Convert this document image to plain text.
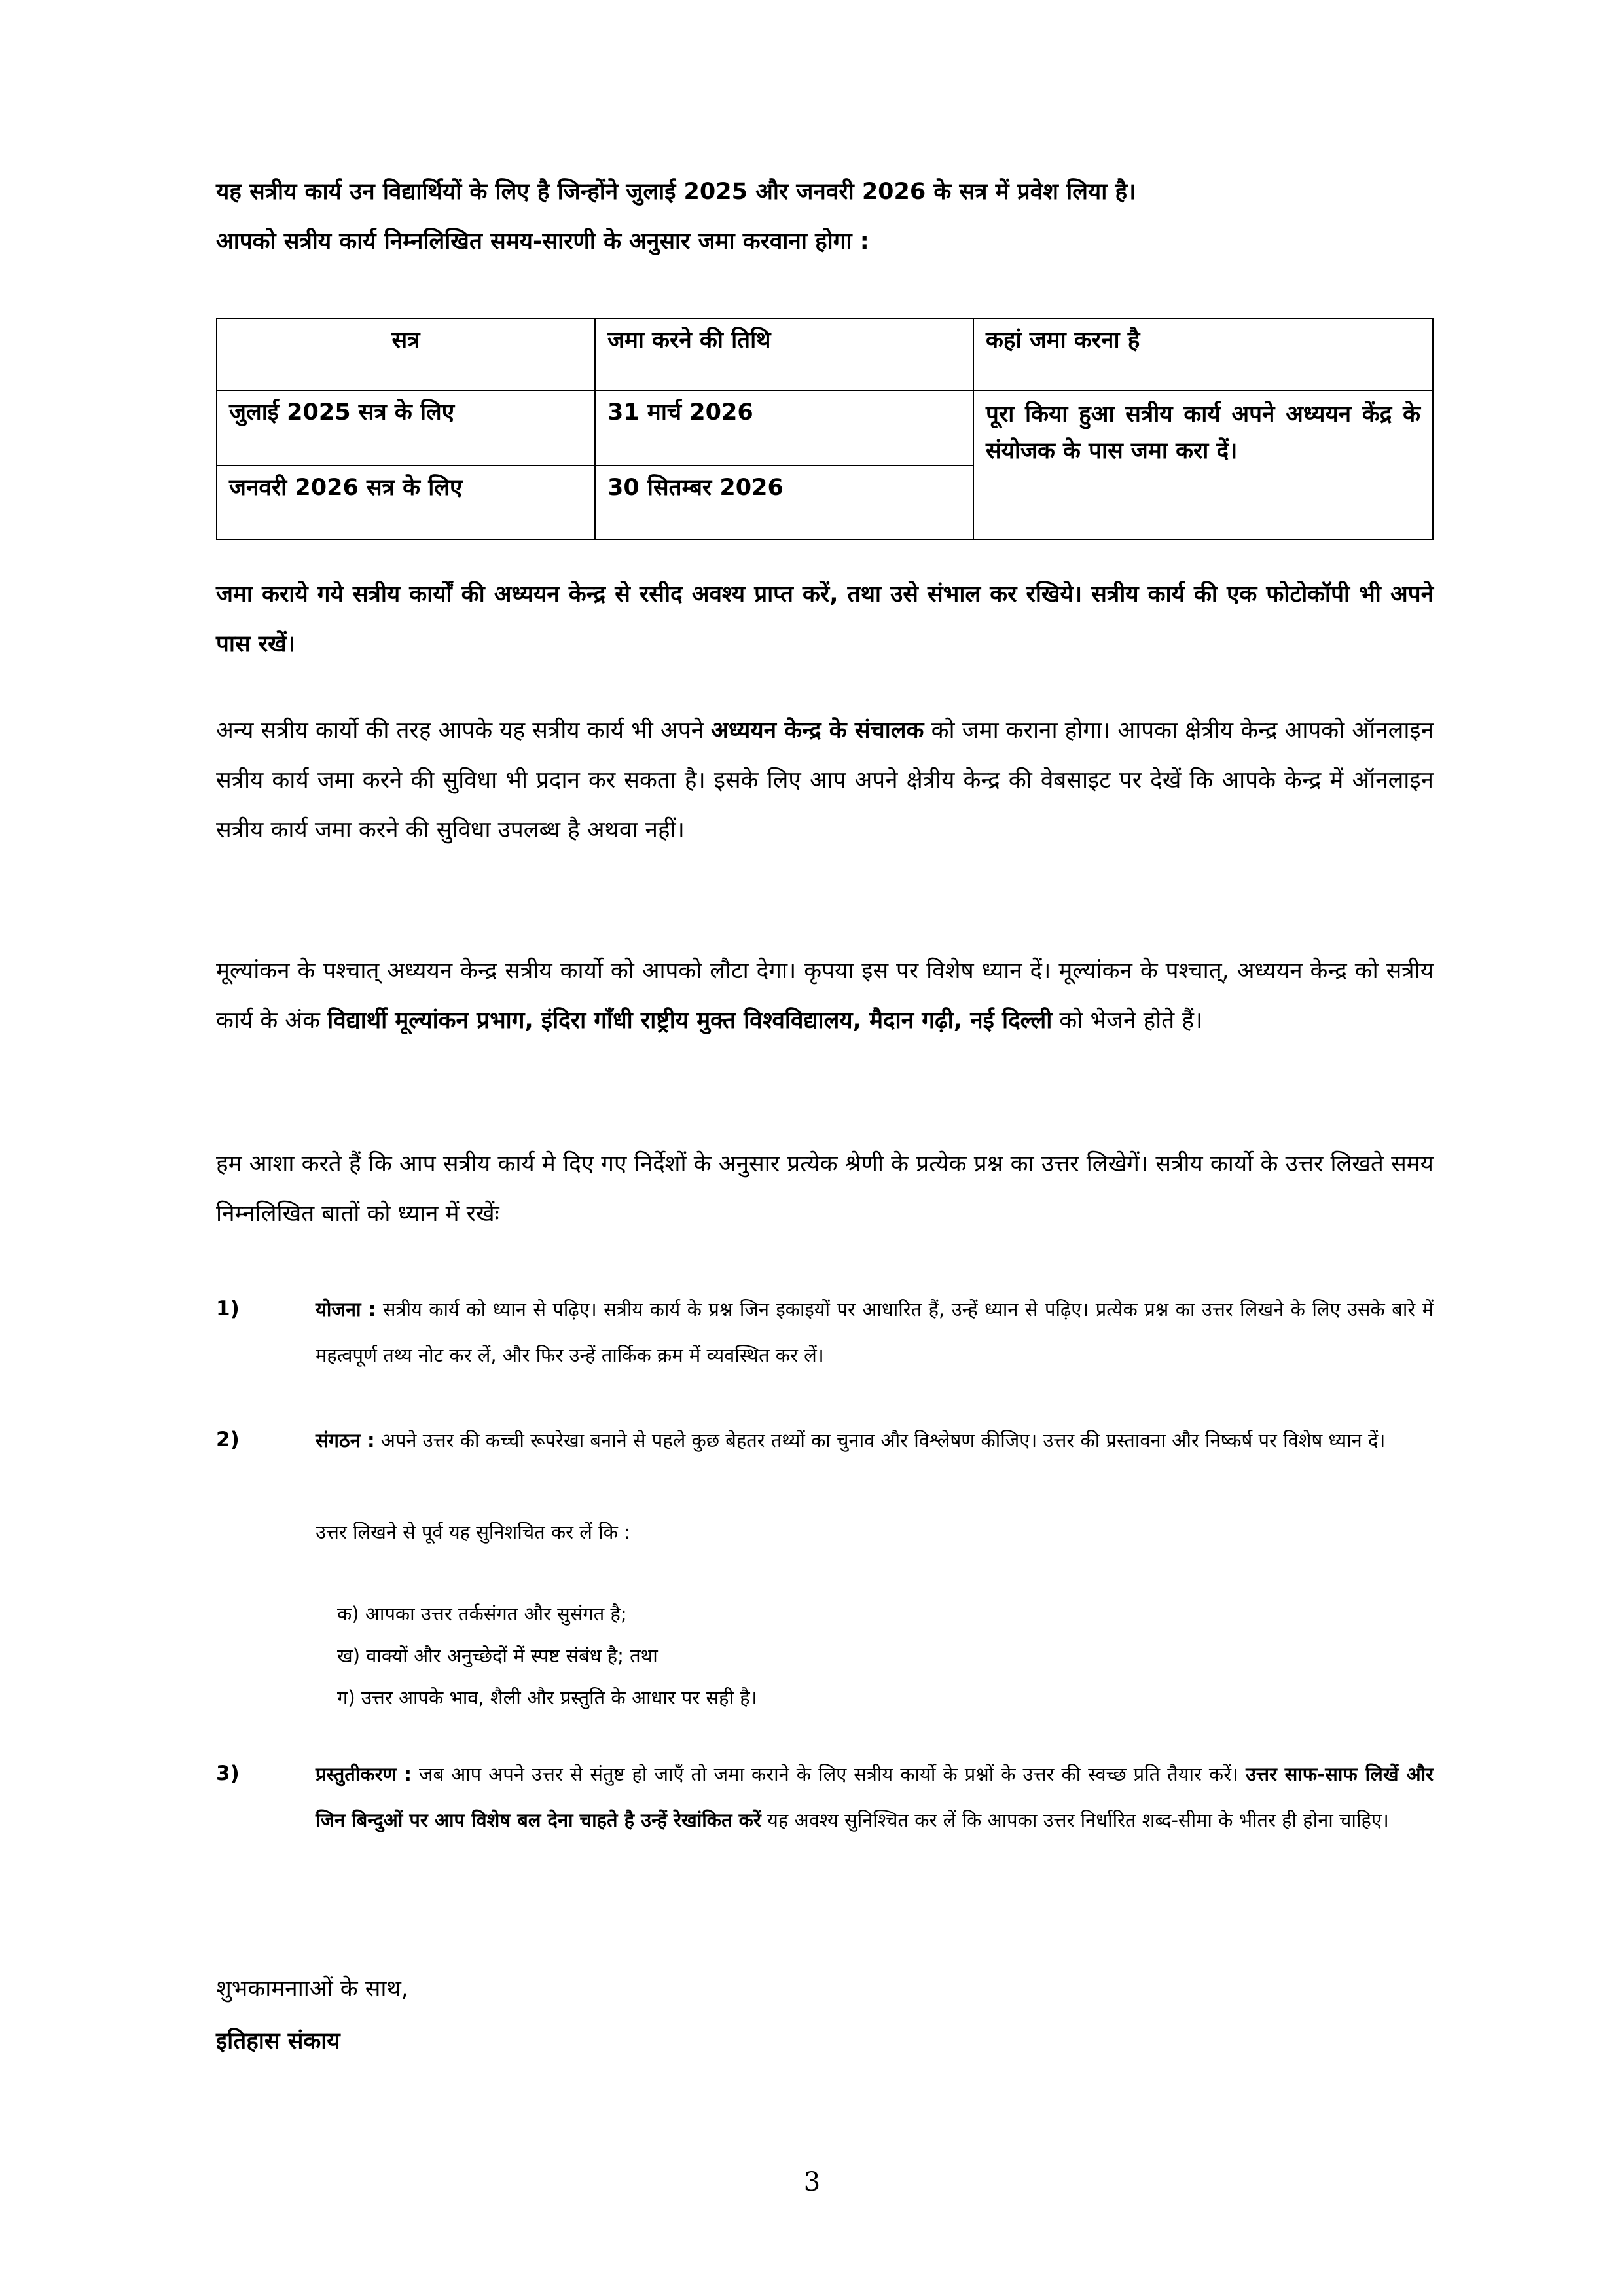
यह सत्रीय कार्य उन विद्यार्थियों के लिए है जिन्होंने जुलाई 2025 और जनवरी 2026 के सत्र में प्रवेश लिया है।
आपको सत्रीय कार्य निम्नलिखित समय-सारणी के अनुसार जमा करवाना होगा :
सत्र	जमा करने की तिथि	कहां जमा करना है
जुलाई 2025 सत्र के लिए	31 मार्च 2026	पूरा किया हुआ सत्रीय कार्य अपने अध्ययन केंद्र के संयोजक के पास जमा करा दें।
जनवरी 2026 सत्र के लिए	30 सितम्बर 2026	
जमा कराये गये सत्रीय कार्यों की अध्ययन केन्द्र से रसीद अवश्य प्राप्त करें, तथा उसे संभाल कर रखिये। सत्रीय कार्य की एक फोटोकॉपी भी अपने पास रखें।
अन्य सत्रीय कार्यो की तरह आपके यह सत्रीय कार्य भी अपने अध्ययन केन्द्र के संचालक को जमा कराना होगा। आपका क्षेत्रीय केन्द्र आपको ऑनलाइन सत्रीय कार्य जमा करने की सुविधा भी प्रदान कर सकता है। इसके लिए आप अपने क्षेत्रीय केन्द्र की वेबसाइट पर देखें कि आपके केन्द्र में ऑनलाइन सत्रीय कार्य जमा करने की सुविधा उपलब्ध है अथवा नहीं।
मूल्यांकन के पश्चात् अध्ययन केन्द्र सत्रीय कार्यो को आपको लौटा देगा। कृपया इस पर विशेष ध्यान दें। मूल्यांकन के पश्चात्, अध्ययन केन्द्र को सत्रीय कार्य के अंक विद्यार्थी मूल्यांकन प्रभाग, इंदिरा गाँधी राष्ट्रीय मुक्त विश्वविद्यालय, मैदान गढ़ी, नई दिल्ली को भेजने होते हैं।
हम आशा करते हैं कि आप सत्रीय कार्य मे दिए गए निर्देशों के अनुसार प्रत्येक श्रेणी के प्रत्येक प्रश्न का उत्तर लिखेगें। सत्रीय कार्यो के उत्तर लिखते समय निम्नलिखित बातों को ध्यान में रखेंः
1)	योजना : सत्रीय कार्य को ध्यान से पढ़िए। सत्रीय कार्य के प्रश्न जिन इकाइयों पर आधारित हैं, उन्हें ध्यान से पढ़िए। प्रत्येक प्रश्न का उत्तर लिखने के लिए उसके बारे में महत्वपूर्ण तथ्य नोट कर लें, और फिर उन्हें तार्किक क्रम में व्यवस्थित कर लें।
2)	संगठन : अपने उत्तर की कच्ची रूपरेखा बनाने से पहले कुछ बेहतर तथ्यों का चुनाव और विश्लेषण कीजिए। उत्तर की प्रस्तावना और निष्कर्ष पर विशेष ध्यान दें।
उत्तर लिखने से पूर्व यह सुनिशचित कर लें कि :
क) आपका उत्तर तर्कसंगत और सुसंगत है;
ख) वाक्यों और अनुच्छेदों में स्पष्ट संबंध है; तथा
ग) उत्तर आपके भाव, शैली और प्रस्तुति के आधार पर सही है।
3)	प्रस्तुतीकरण : जब आप अपने उत्तर से संतुष्ट हो जाएँ तो जमा कराने के लिए सत्रीय कार्यो के प्रश्नों के उत्तर की स्वच्छ प्रति तैयार करें। उत्तर साफ-साफ लिखें और जिन बिन्दुओं पर आप विशेष बल देना चाहते है उन्हें रेखांकित करें यह अवश्य सुनिश्चित कर लें कि आपका उत्तर निर्धारित शब्द-सीमा के भीतर ही होना चाहिए।
शुभकामनााओं के साथ,
इतिहास संकाय
3
